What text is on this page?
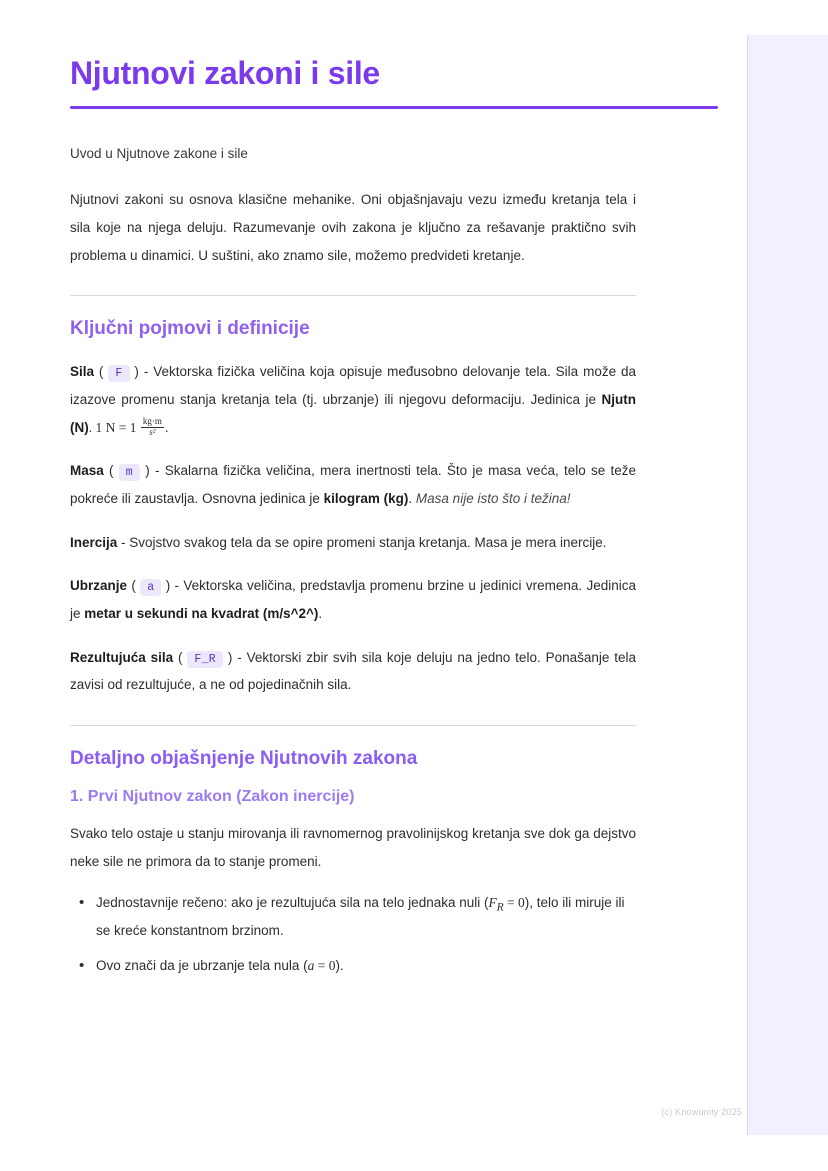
Njutnovi zakoni i sile
Uvod u Njutnove zakone i sile

Njutnovi zakoni su osnova klasične mehanike. Oni objašnjavaju vezu između kretanja tela i sila koje na njega deluju. Razumevanje ovih zakona je ključno za rešavanje praktično svih problema u dinamici. U suštini, ako znamo sile, možemo predvideti kretanje.

Ključni pojmovi i definicije
Sila ( F ) - Vektorska fizička veličina koja opisuje međusobno delovanje tela. Sila može da izazove promenu stanja kretanja tela (tj. ubrzanje) ili njegovu deformaciju. Jedinica je Njutn (N). 1 $N = 1 \frac{kg\cdot m}{\text{s²}}$ .
Masa ( m ) - Skalarna fizička veličina, mera inertnosti tela. Što je masa veća, telo se teže pokreće ili zaustavlja. Osnovna jedinica je kilogram (kg). Masa nije isto što i težina!
Inercija - Svojstvo svakog tela da se opire promeni stanja kretanja. Masa je mera inercije.
Ubrzanje ( a ) - Vektorska veličina, predstavlja promenu brzine u jedinici vremena. Jedinica je metar u sekundi na kvadrat (m/s^2^).
Rezultujuća sila ( F_R ) - Vektorski zbir svih sila koje deluju na jedno telo. Ponašanje tela zavisi od rezultujuće, a ne od pojedinačnih sila.
Detaljno objašnjenje Njutnovih zakona
1. Prvi Njutnov zakon (Zakon inercije)

Svako telo ostaje u stanju mirovanja ili ravnomernog pravolinijskog kretanja sve dok ga dejstvo neke sile ne primora da to stanje promeni.

• Jednostavnije rečeno: ako je rezultujuća sila na telo jednaka nuli $(F_R = 0)$, telo ili miruje ili se kreće konstantnom brzinom.
• Ovo znači da je ubrzanje tela nula (a = 0).
(c) Knowunity 2025
